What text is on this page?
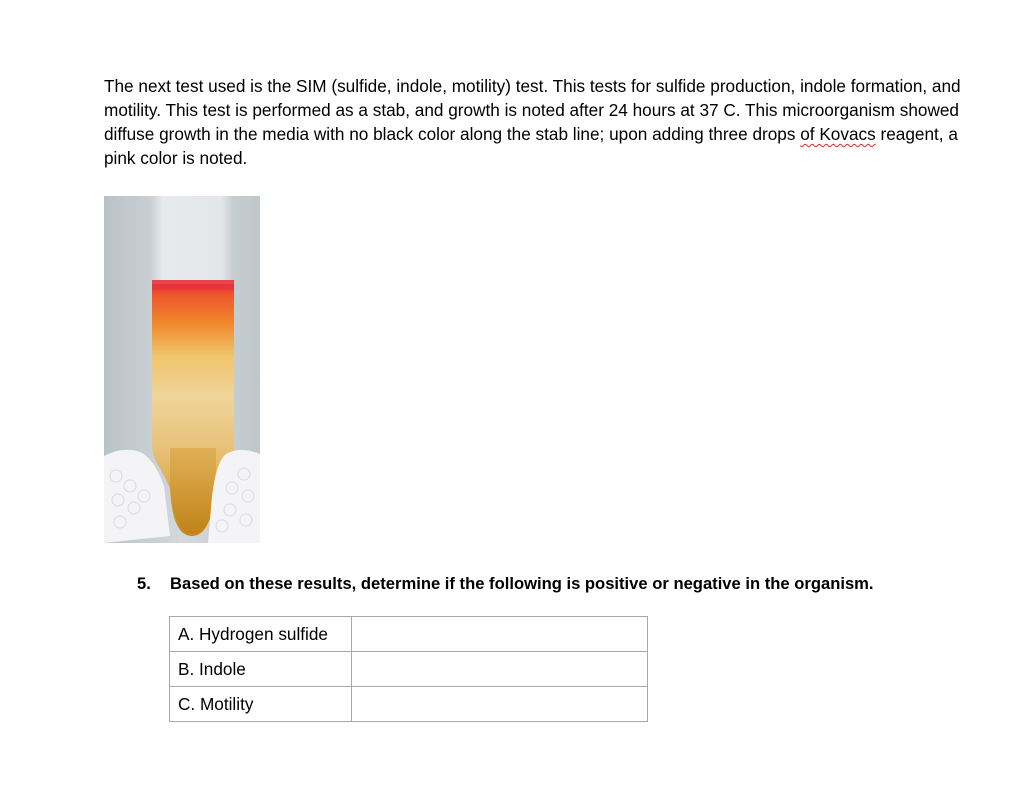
The next test used is the SIM (sulfide, indole, motility) test. This tests for sulfide production, indole formation, and motility. This test is performed as a stab, and growth is noted after 24 hours at 37 C. This microorganism showed diffuse growth in the media with no black color along the stab line; upon adding three drops of Kovacs reagent, a pink color is noted.

5. Based on these results, determine if the following is positive or negative in the organism.

A. Hydrogen sulfide	
B. Indole	
C. Motility	
